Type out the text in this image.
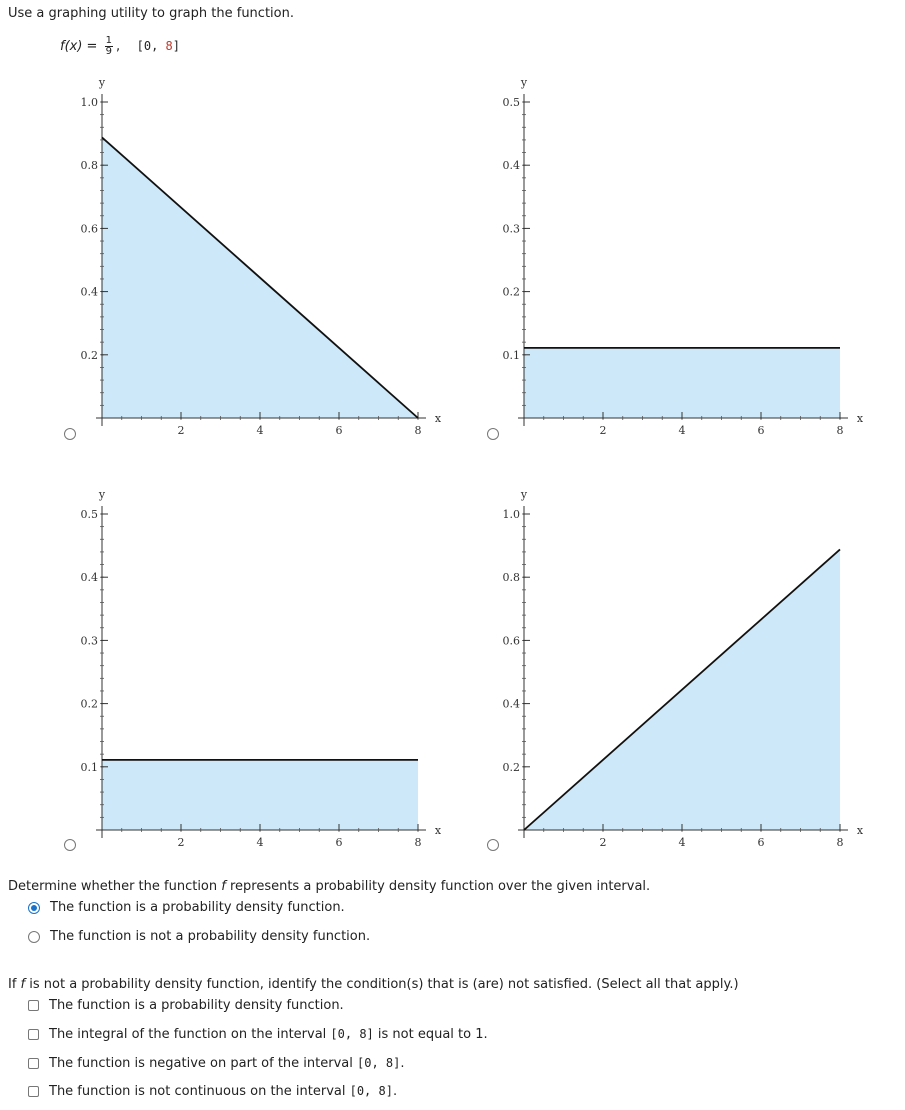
Use a graphing utility to graph the function.
$f(x) = \frac{1}{9}$ , [0, 8]
1.0
0.8
0.6
0.4
0.2
2	4	6	8
y
x
0.5
0.4
0.3
0.2
0.1
2	4	6	8
y
x
0.5
0.4
0.3
0.2
0.1
2	4	6	8
y
x
1.0
0.8
0.6
0.4
0.2
2	4	6	8
y
x
Determine whether the function f represents a probability density function over the given interval.
The function is a probability density function.
The function is not a probability density function.
If f is not a probability density function, identify the condition(s) that is (are) not satisfied. (Select all that apply.)
The function is a probability density function.
The integral of the function on the interval [0, 8] is not equal to 1.
The function is negative on part of the interval [0, 8].
The function is not continuous on the interval [0, 8].
